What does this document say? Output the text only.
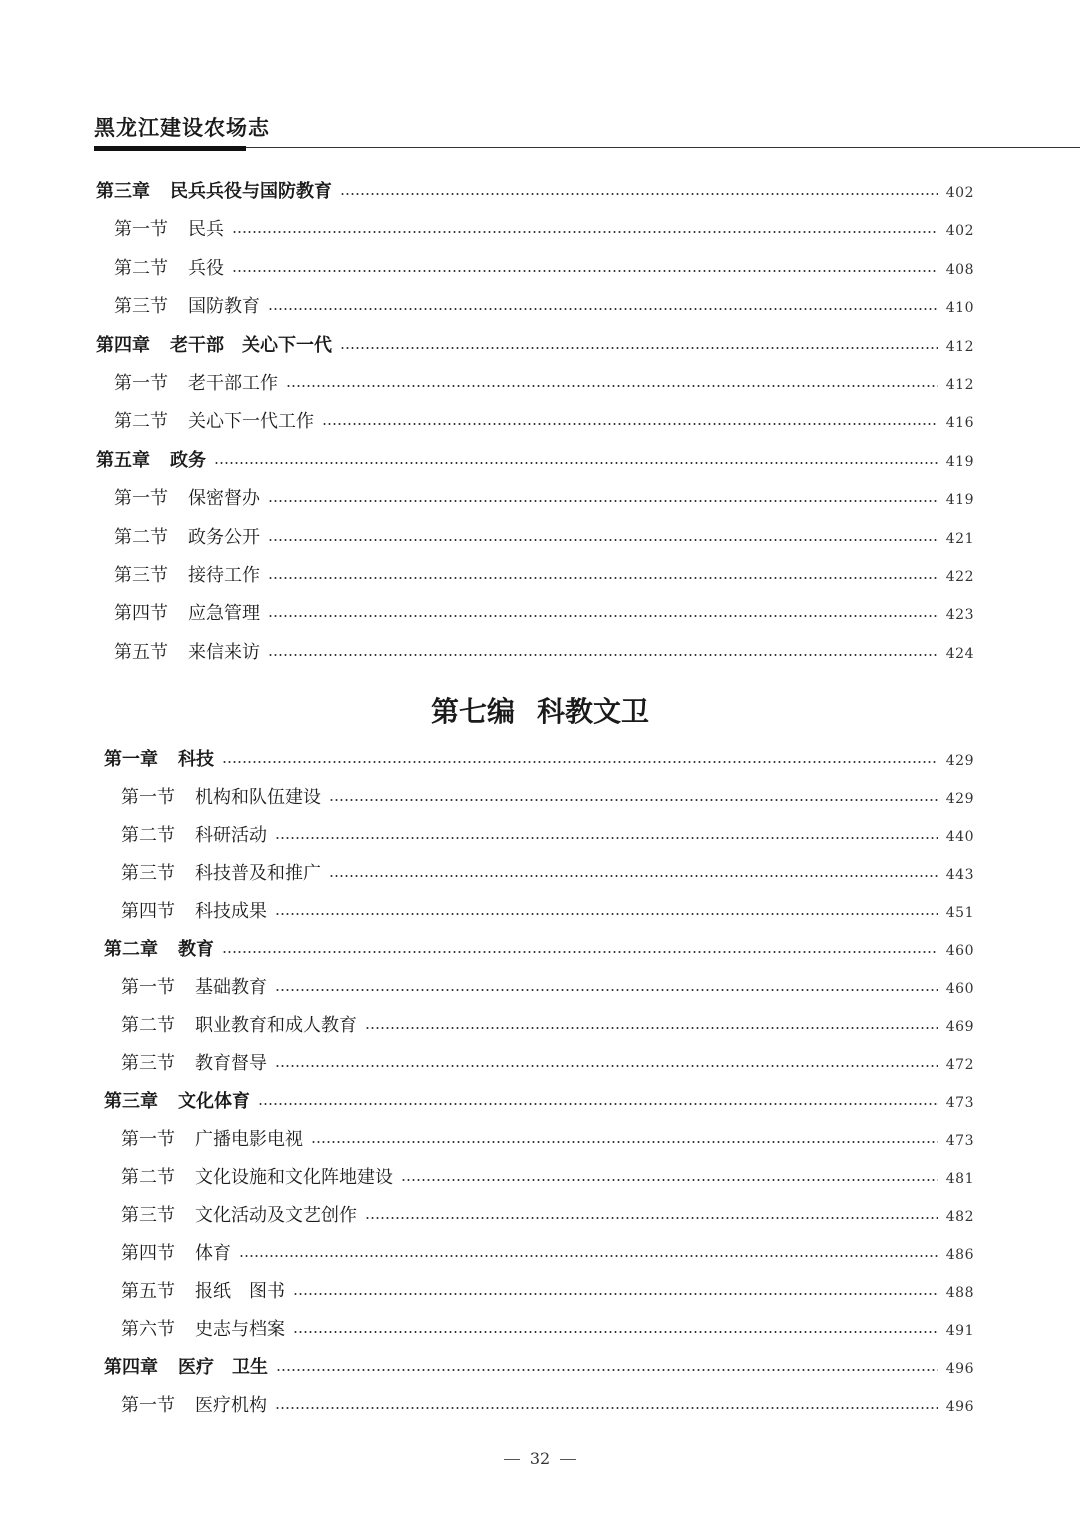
黑龙江建设农场志
第三章 民兵兵役与国防教育	402
第一节 民兵	402
第二节 兵役	408
第三节 国防教育	410
第四章 老干部　关心下一代	412
第一节 老干部工作	412
第二节 关心下一代工作	416
第五章 政务	419
第一节 保密督办	419
第二节 政务公开	421
第三节 接待工作	422
第四节 应急管理	423
第五节 来信来访	424
第一章 科技	429
第一节 机构和队伍建设	429
第二节 科研活动	440
第三节 科技普及和推广	443
第四节 科技成果	451
第二章 教育	460
第一节 基础教育	460
第二节 职业教育和成人教育	469
第三节 教育督导	472
第三章 文化体育	473
第一节 广播电影电视	473
第二节 文化设施和文化阵地建设	481
第三节 文化活动及文艺创作	482
第四节 体育	486
第五节 报纸　图书	488
第六节 史志与档案	491
第四章 医疗　卫生	496
第一节 医疗机构	496
第七编 科教文卫
32
